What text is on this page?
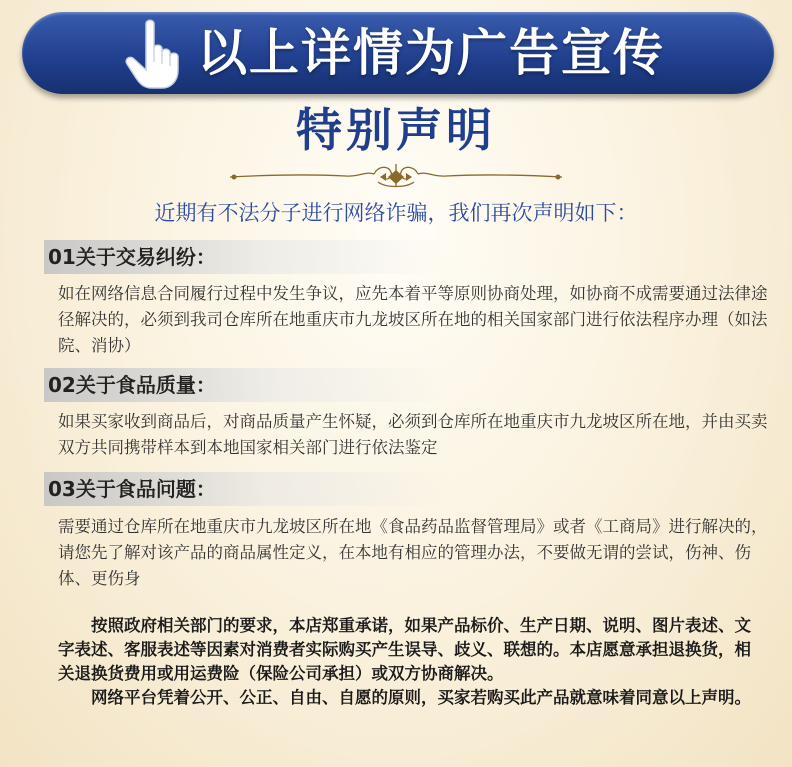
以上详情为广告宣传
特别声明
近期有不法分子进行网络诈骗，我们再次声明如下：
01关于交易纠纷：
如在网络信息合同履行过程中发生争议，应先本着平等原则协商处理，如协商不成需要通过法律途径解决的，必须到我司仓库所在地重庆市九龙坡区所在地的相关国家部门进行依法程序办理（如法院、消协）
02关于食品质量：
如果买家收到商品后，对商品质量产生怀疑，必须到仓库所在地重庆市九龙坡区所在地，并由买卖双方共同携带样本到本地国家相关部门进行依法鉴定
03关于食品问题：
需要通过仓库所在地重庆市九龙坡区所在地《食品药品监督管理局》或者《工商局》进行解决的，请您先了解对该产品的商品属性定义，在本地有相应的管理办法，不要做无谓的尝试，伤神、伤体、更伤身

按照政府相关部门的要求，本店郑重承诺，如果产品标价、生产日期、说明、图片表述、文字表述、客服表述等因素对消费者实际购买产生误导、歧义、联想的。本店愿意承担退换货，相关退换货费用或用运费险（保险公司承担）或双方协商解决。

网络平台凭着公开、公正、自由、自愿的原则，买家若购买此产品就意味着同意以上声明。
